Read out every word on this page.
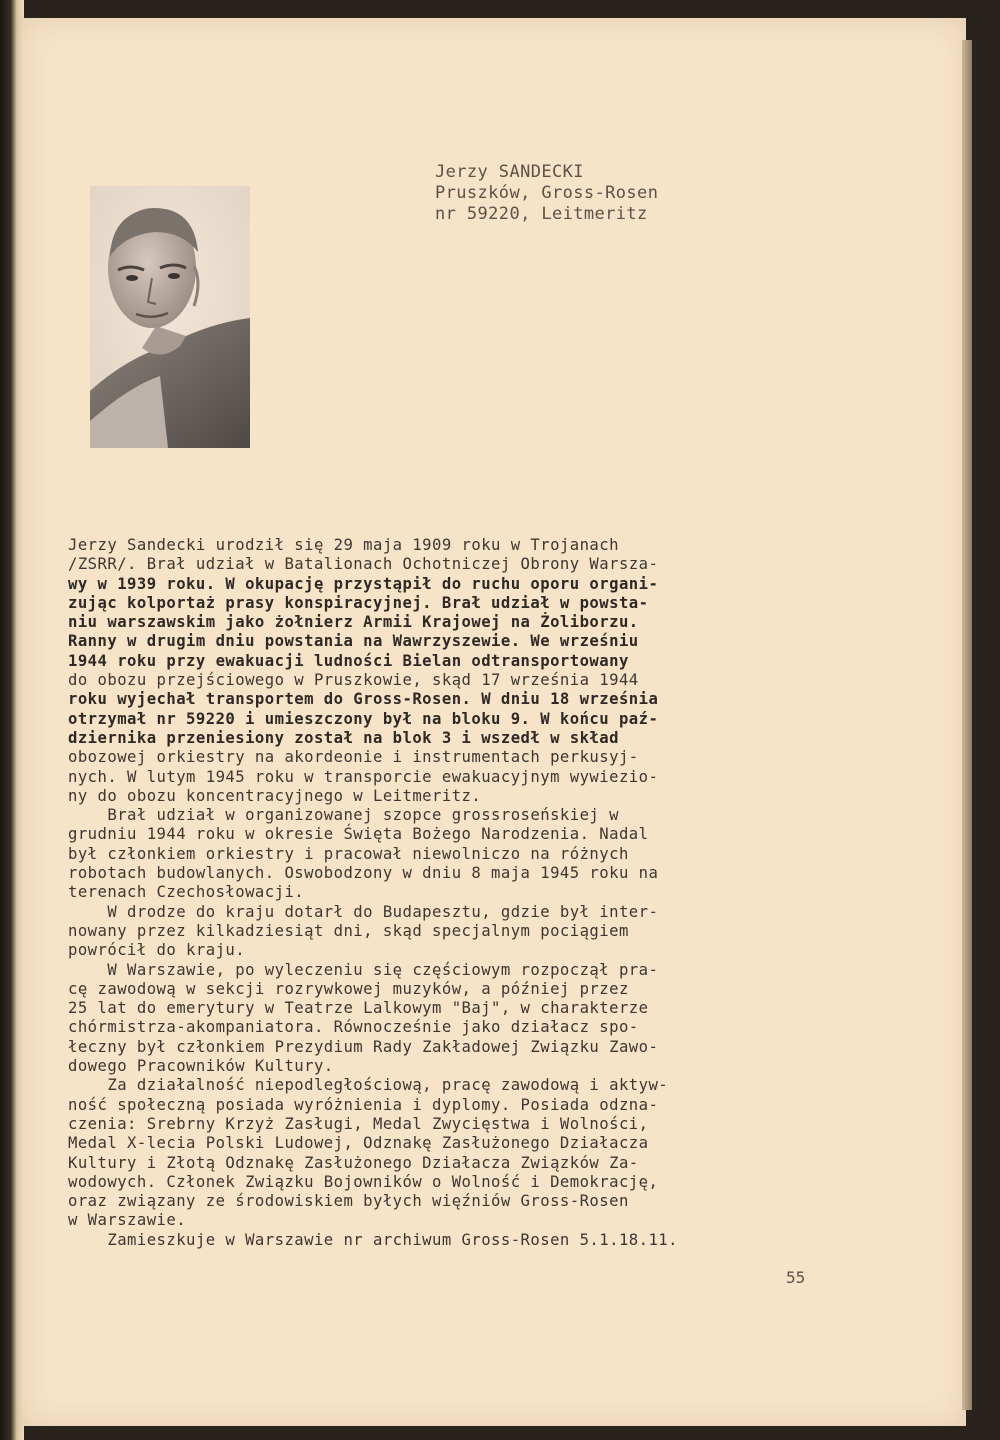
Jerzy SANDECKI
Pruszków, Gross-Rosen
nr 59220, Leitmeritz
Jerzy Sandecki urodził się 29 maja 1909 roku w Trojanach
/ZSRR/. Brał udział w Batalionach Ochotniczej Obrony Warsza-
wy w 1939 roku. W okupację przystąpił do ruchu oporu organi-
zując kolportaż prasy konspiracyjnej. Brał udział w powsta-
niu warszawskim jako żołnierz Armii Krajowej na Żoliborzu.
Ranny w drugim dniu powstania na Wawrzyszewie. We wrześniu
1944 roku przy ewakuacji ludności Bielan odtransportowany
do obozu przejściowego w Pruszkowie, skąd 17 września 1944
roku wyjechał transportem do Gross-Rosen. W dniu 18 września
otrzymał nr 59220 i umieszczony był na bloku 9. W końcu paź-
dziernika przeniesiony został na blok 3 i wszedł w skład
obozowej orkiestry na akordeonie i instrumentach perkusyj-
nych. W lutym 1945 roku w transporcie ewakuacyjnym wywiezio-
ny do obozu koncentracyjnego w Leitmeritz.
Brał udział w organizowanej szopce grossroseńskiej w
grudniu 1944 roku w okresie Święta Bożego Narodzenia. Nadal
był członkiem orkiestry i pracował niewolniczo na różnych
robotach budowlanych. Oswobodzony w dniu 8 maja 1945 roku na
terenach Czechosłowacji.
W drodze do kraju dotarł do Budapesztu, gdzie był inter-
nowany przez kilkadziesiąt dni, skąd specjalnym pociągiem
powrócił do kraju.
W Warszawie, po wyleczeniu się częściowym rozpoczął pra-
cę zawodową w sekcji rozrywkowej muzyków, a później przez
25 lat do emerytury w Teatrze Lalkowym "Baj", w charakterze
chórmistrza-akompaniatora. Równocześnie jako działacz spo-
łeczny był członkiem Prezydium Rady Zakładowej Związku Zawo-
dowego Pracowników Kultury.
Za działalność niepodległościową, pracę zawodową i aktyw-
ność społeczną posiada wyróżnienia i dyplomy. Posiada odzna-
czenia: Srebrny Krzyż Zasługi, Medal Zwycięstwa i Wolności,
Medal X-lecia Polski Ludowej, Odznakę Zasłużonego Działacza
Kultury i Złotą Odznakę Zasłużonego Działacza Związków Za-
wodowych. Członek Związku Bojowników o Wolność i Demokrację,
oraz związany ze środowiskiem byłych więźniów Gross-Rosen
w Warszawie.
Zamieszkuje w Warszawie nr archiwum Gross-Rosen 5.1.18.11.
55
